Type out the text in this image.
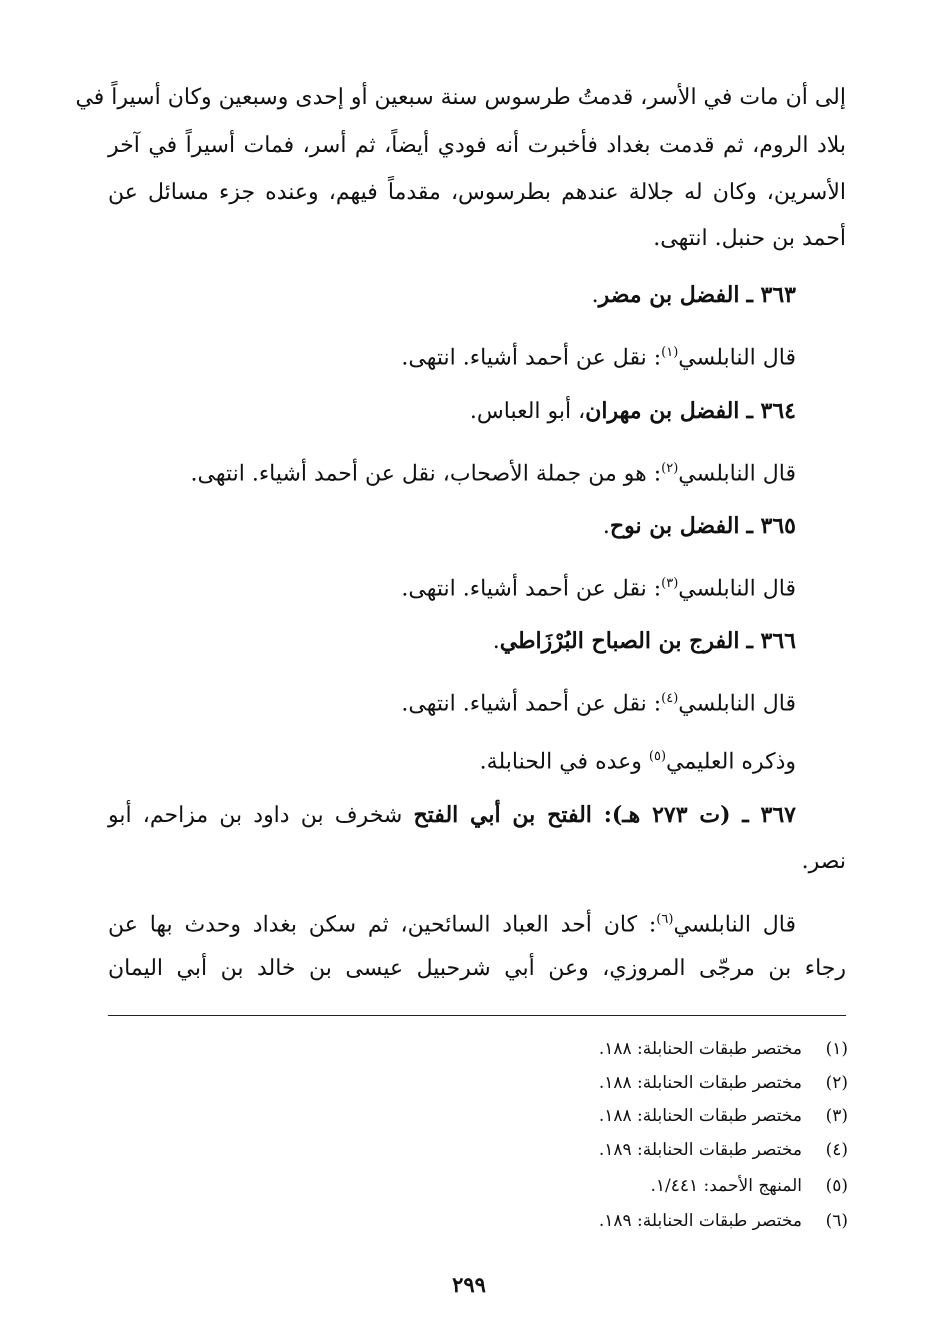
إلى أن مات في الأسر، قدمتُ طرسوس سنة سبعين أو إحدى وسبعين وكان أسيراً في
بلاد الروم، ثم قدمت بغداد فأخبرت أنه فودي أيضاً، ثم أسر، فمات أسيراً في آخر
الأسرين، وكان له جلالة عندهم بطرسوس، مقدماً فيهم، وعنده جزء مسائل عن
أحمد بن حنبل. انتهى.
٣٦٣ ـ الفضل بن مضر.
قال النابلسي$^{(١)}$: نقل عن أحمد أشياء. انتهى.
٣٦٤ ـ الفضل بن مهران، أبو العباس.
قال النابلسي$^{(٢)}$: هو من جملة الأصحاب، نقل عن أحمد أشياء. انتهى.
٣٦٥ ـ الفضل بن نوح.
قال النابلسي$^{(٣)}$: نقل عن أحمد أشياء. انتهى.
٣٦٦ ـ الفرج بن الصباح البُرْزَاطي.
قال النابلسي$^{(٤)}$: نقل عن أحمد أشياء. انتهى.
وذكره العليمي$^{(٥)}$ وعده في الحنابلة.
٣٦٧ ـ (ت ٢٧٣ هـ): الفتح بن أبي الفتح شخرف بن داود بن مزاحم، أبو
نصر.
قال النابلسي$^{(٦)}$: كان أحد العباد السائحين، ثم سكن بغداد وحدث بها عن
رجاء بن مرجّى المروزي، وعن أبي شرحبيل عيسى بن خالد بن أبي اليمان
(١)مختصر طبقات الحنابلة: ١٨٨.
(٢)مختصر طبقات الحنابلة: ١٨٨.
(٣)مختصر طبقات الحنابلة: ١٨٨.
(٤)مختصر طبقات الحنابلة: ١٨٩.
(٥)المنهج الأحمد: ١/٤٤١.
(٦)مختصر طبقات الحنابلة: ١٨٩.
٢٩٩
